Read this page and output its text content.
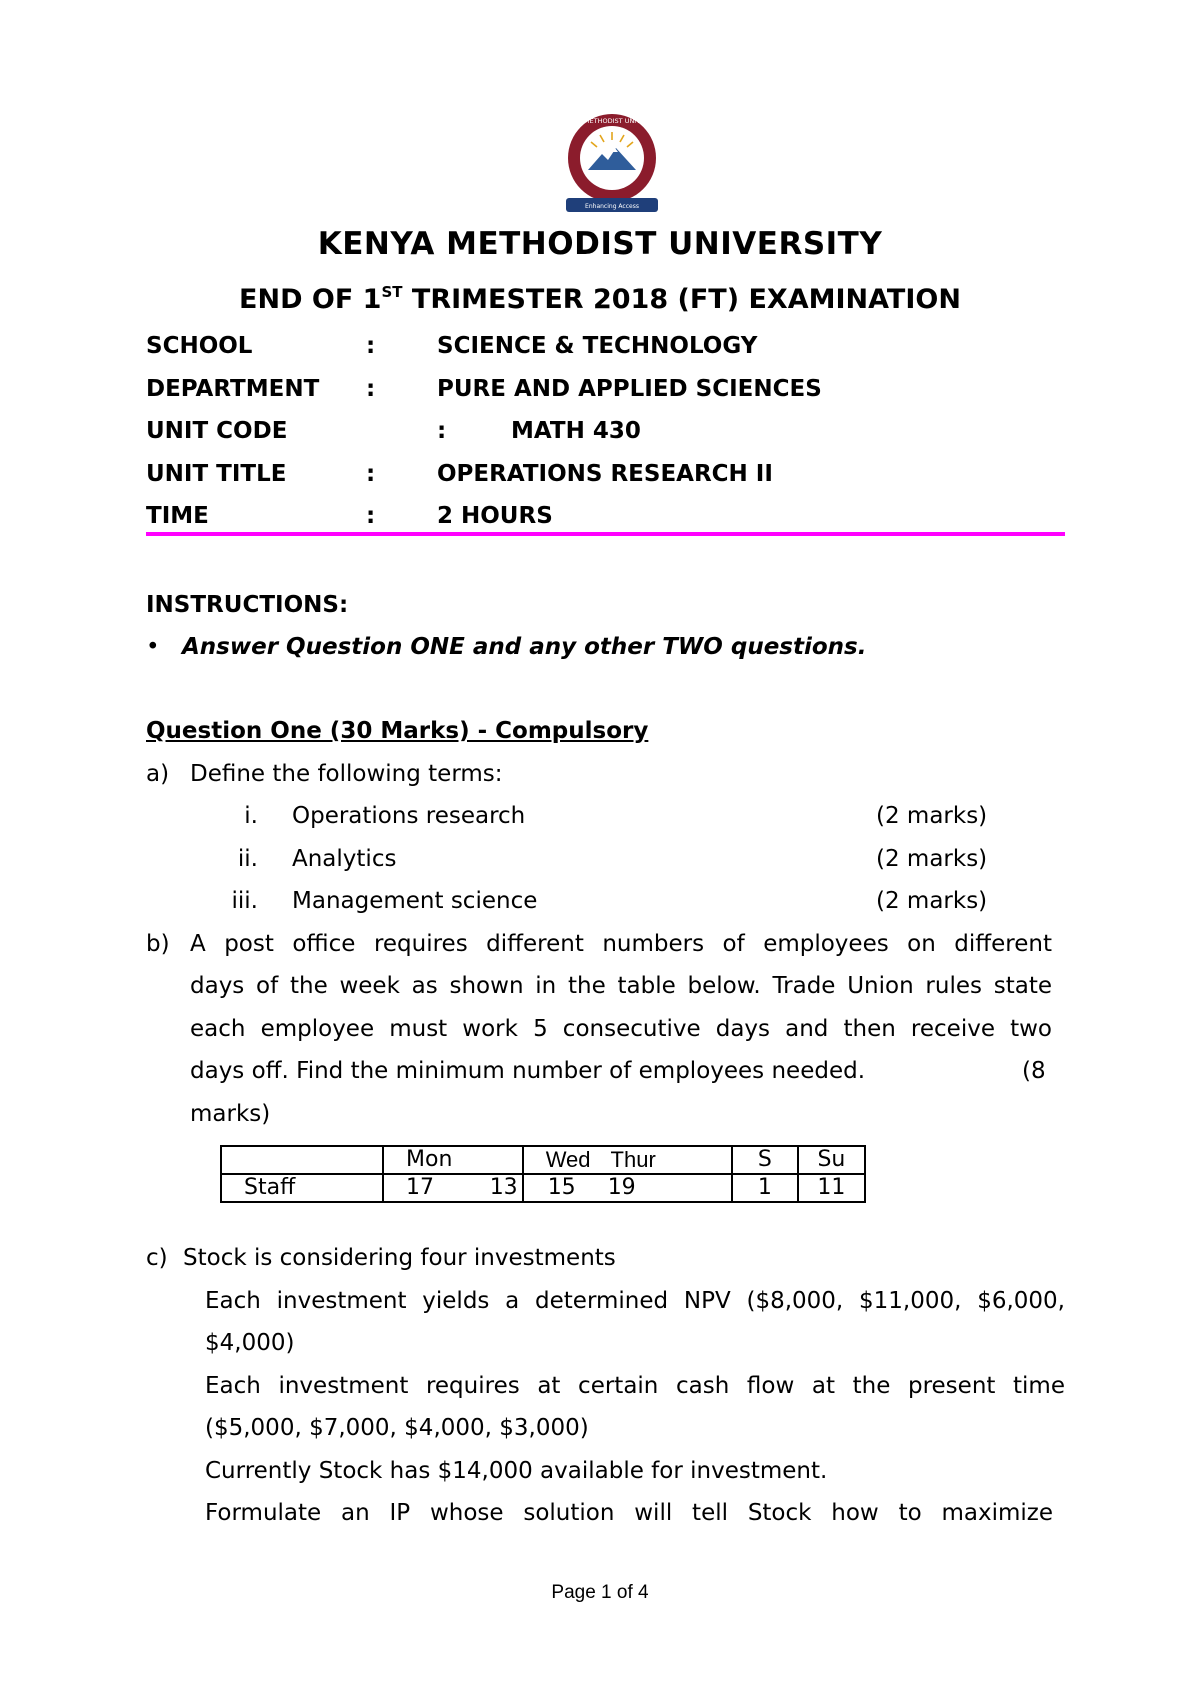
KENYA METHODIST UNIVERSITY
Enhancing Access
KENYA METHODIST UNIVERSITY
END OF 1ST TRIMESTER 2018 (FT) EXAMINATION
SCHOOL	:	SCIENCE & TECHNOLOGY
DEPARTMENT :	PURE AND APPLIED SCIENCES
UNIT CODE	:	MATH 430
UNIT TITLE	:	OPERATIONS RESEARCH II
TIME	:	2 HOURS
INSTRUCTIONS:
• Answer Question ONE and any other TWO questions.
Question One (30 Marks) - Compulsory
a) Define the following terms:
i. Operations research	(2 marks)
ii. Analytics	(2 marks)
iii. Management science	(2 marks)
b) A post office requires different numbers of employees on different
days of the week as shown in the table below. Trade Union rules state
each employee must work 5 consecutive days and then receive two
days off. Find the minimum number of employees needed.	(8
marks)
	Mon	Wed Thur	S	Su
Staff	17 13	15 19	1	11
c) Stock is considering four investments
Each investment yields a determined NPV ($8,000, $11,000, $6,000,
$4,000)
Each investment requires at certain cash flow at the present time
($5,000, $7,000, $4,000, $3,000)
Currently Stock has $14,000 available for investment.
Formulate an IP whose solution will tell Stock how to maximize
Page 1 of 4
